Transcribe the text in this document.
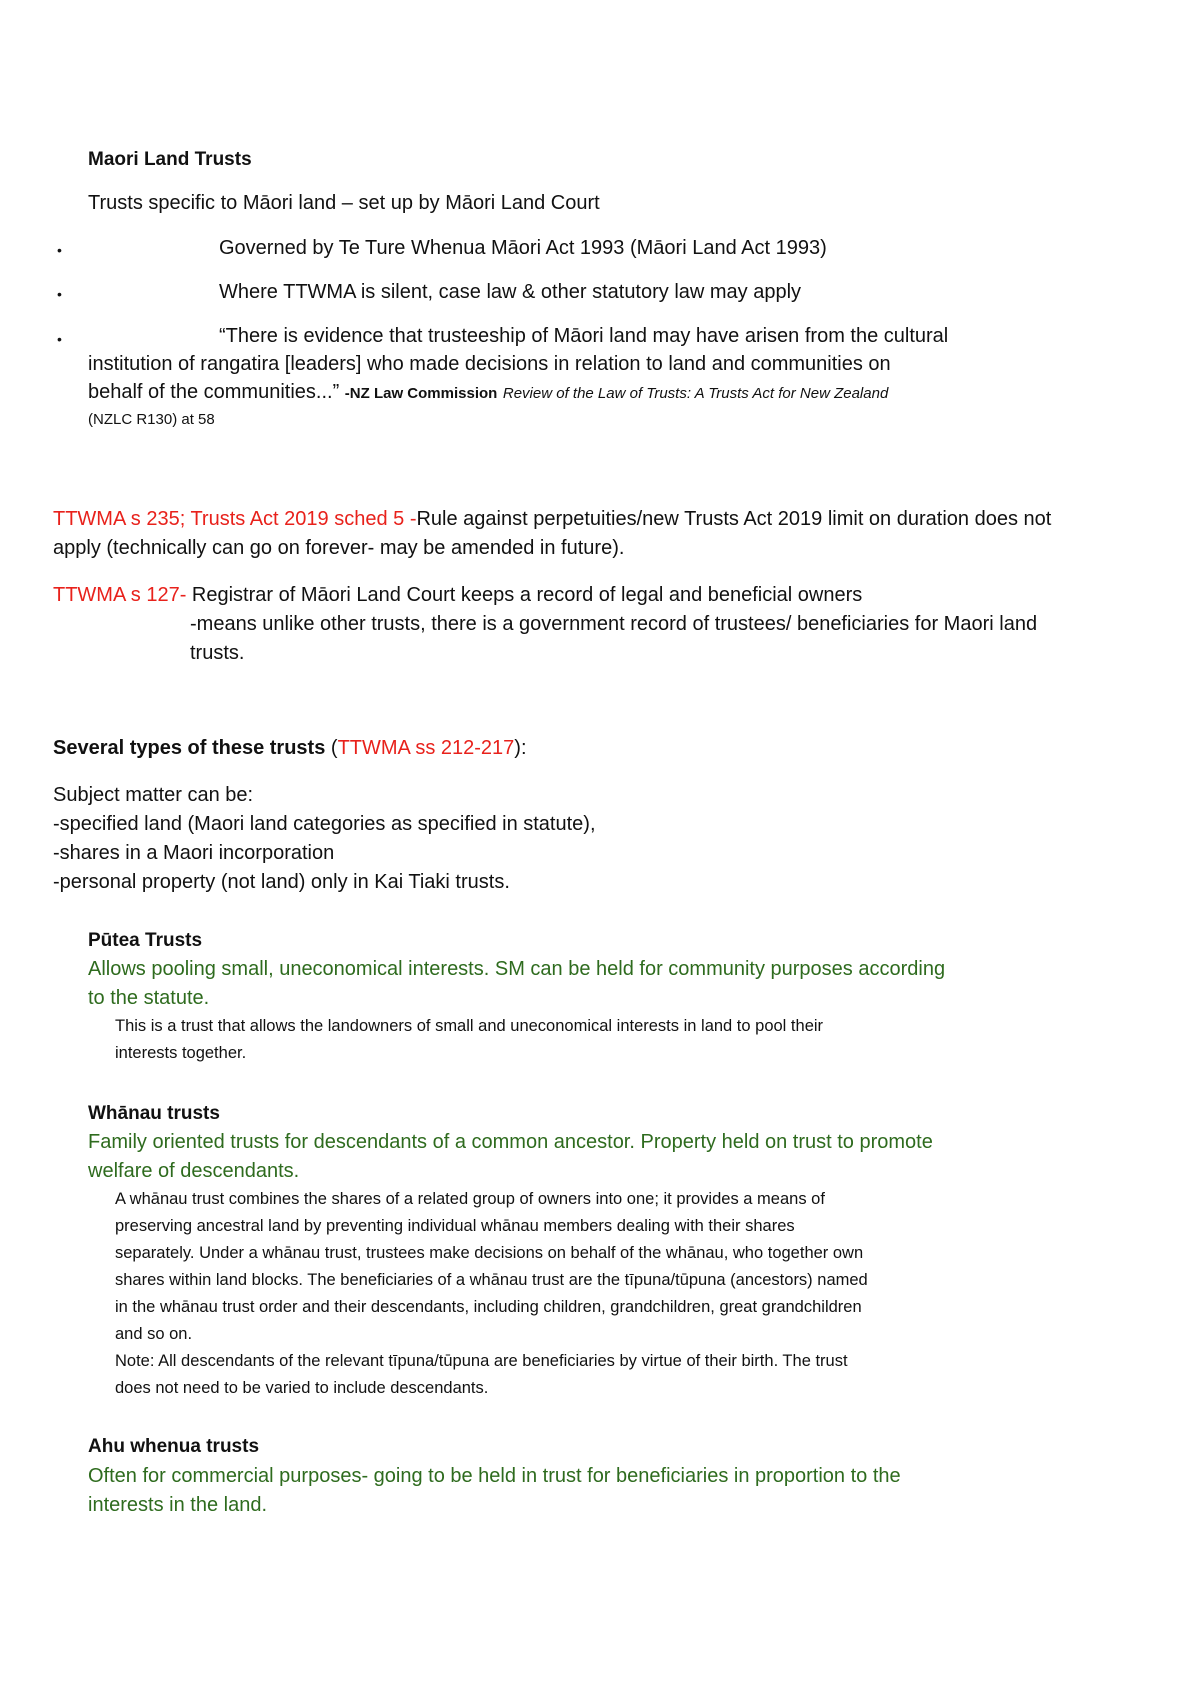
Maori Land Trusts
Trusts specific to Māori land – set up by Māori Land Court
•	Governed by Te Ture Whenua Māori Act 1993 (Māori Land Act 1993)
•	Where TTWMA is silent, case law & other statutory law may apply
•	“There is evidence that trusteeship of Māori land may have arisen from the cultural
institution of rangatira [leaders] who made decisions in relation to land and communities on
behalf of the communities...” -NZ Law Commission Review of the Law of Trusts: A Trusts Act for New Zealand
(NZLC R130) at 58
TTWMA s 235; Trusts Act 2019 sched 5 -Rule against perpetuities/new Trusts Act 2019 limit on duration does not
apply (technically can go on forever- may be amended in future).
TTWMA s 127- Registrar of Māori Land Court keeps a record of legal and beneficial owners
-means unlike other trusts, there is a government record of trustees/ beneficiaries for Maori land
trusts.
Several types of these trusts (TTWMA ss 212-217):
Subject matter can be:
-specified land (Maori land categories as specified in statute),
-shares in a Maori incorporation
-personal property (not land) only in Kai Tiaki trusts.
Pūtea Trusts
Allows pooling small, uneconomical interests. SM can be held for community purposes according
to the statute.
This is a trust that allows the landowners of small and uneconomical interests in land to pool their
interests together.
Whānau trusts
Family oriented trusts for descendants of a common ancestor. Property held on trust to promote
welfare of descendants.
A whānau trust combines the shares of a related group of owners into one; it provides a means of
preserving ancestral land by preventing individual whānau members dealing with their shares
separately. Under a whānau trust, trustees make decisions on behalf of the whānau, who together own
shares within land blocks. The beneficiaries of a whānau trust are the tīpuna/tūpuna (ancestors) named
in the whānau trust order and their descendants, including children, grandchildren, great grandchildren
and so on.
Note: All descendants of the relevant tīpuna/tūpuna are beneficiaries by virtue of their birth. The trust
does not need to be varied to include descendants.
Ahu whenua trusts
Often for commercial purposes- going to be held in trust for beneficiaries in proportion to the
interests in the land.
